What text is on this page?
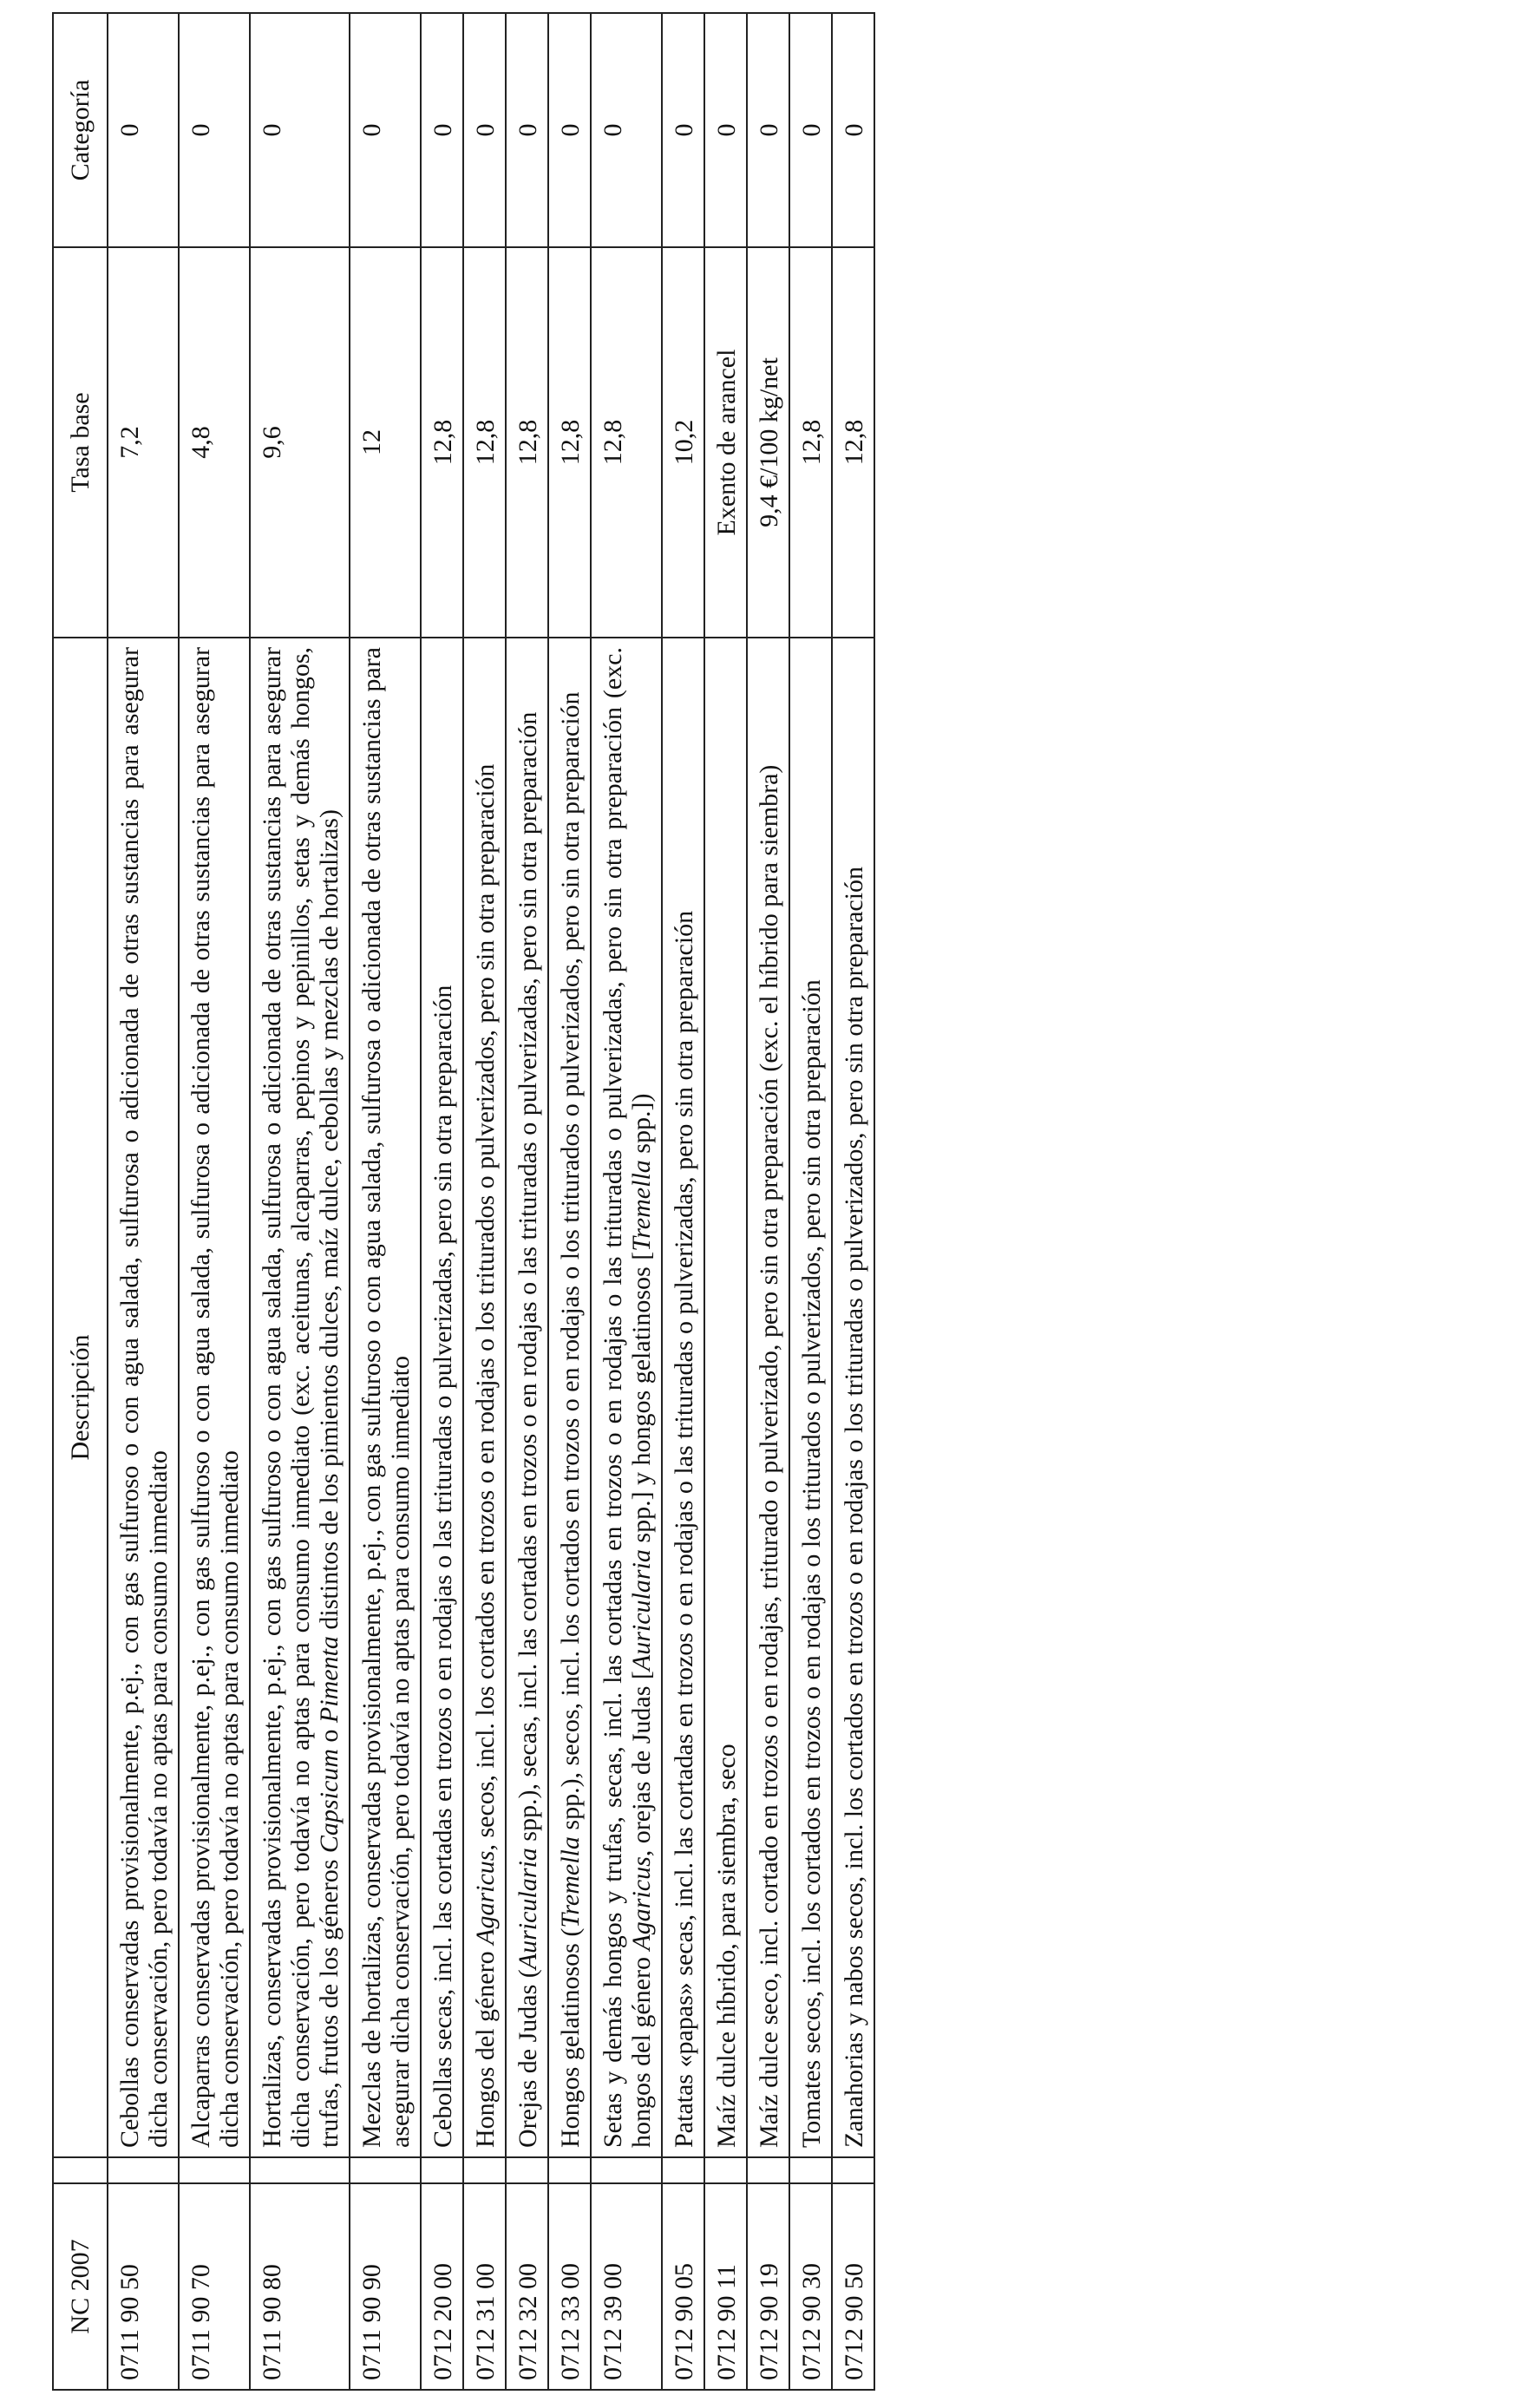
NC 2007		Descripción	Tasa base	Categoría
0711 90 50		Cebollas conservadas provisionalmente, p.ej., con gas sulfuroso o con agua salada, sulfurosa o adicionada de otras sustancias para asegurar dicha conservación, pero todavía no aptas para consumo inmediato	7,2	0
0711 90 70		Alcaparras conservadas provisionalmente, p.ej., con gas sulfuroso o con agua salada, sulfurosa o adicionada de otras sustancias para asegurar dicha conservación, pero todavía no aptas para consumo inmediato	4,8	0
0711 90 80		Hortalizas, conservadas provisionalmente, p.ej., con gas sulfuroso o con agua salada, sulfurosa o adicionada de otras sustancias para asegurar dicha conservación, pero todavía no aptas para consumo inmediato (exc. aceitunas, alcaparras, pepinos y pepinillos, setas y demás hongos, trufas, frutos de los géneros Capsicum o Pimenta distintos de los pimientos dulces, maíz dulce, cebollas y mezclas de hortalizas)	9,6	0
0711 90 90		Mezclas de hortalizas, conservadas provisionalmente, p.ej., con gas sulfuroso o con agua salada, sulfurosa o adicionada de otras sustancias para asegurar dicha conservación, pero todavía no aptas para consumo inmediato	12	0
0712 20 00		Cebollas secas, incl. las cortadas en trozos o en rodajas o las trituradas o pulverizadas, pero sin otra preparación	12,8	0
0712 31 00		Hongos del género Agaricus, secos, incl. los cortados en trozos o en rodajas o los triturados o pulverizados, pero sin otra preparación	12,8	0
0712 32 00		Orejas de Judas (Auricularia spp.), secas, incl. las cortadas en trozos o en rodajas o las trituradas o pulverizadas, pero sin otra preparación	12,8	0
0712 33 00		Hongos gelatinosos (Tremella spp.), secos, incl. los cortados en trozos o en rodajas o los triturados o pulverizados, pero sin otra preparación	12,8	0
0712 39 00		Setas y demás hongos y trufas, secas, incl. las cortadas en trozos o en rodajas o las trituradas o pulverizadas, pero sin otra preparación (exc. hongos del género Agaricus, orejas de Judas [Auricularia spp.] y hongos gelatinosos [Tremella spp.])	12,8	0
0712 90 05		Patatas «papas» secas, incl. las cortadas en trozos o en rodajas o las trituradas o pulverizadas, pero sin otra preparación	10,2	0
0712 90 11		Maíz dulce híbrido, para siembra, seco	Exento de arancel	0
0712 90 19		Maíz dulce seco, incl. cortado en trozos o en rodajas, triturado o pulverizado, pero sin otra preparación (exc. el híbrido para siembra)	9,4 €/100 kg/net	0
0712 90 30		Tomates secos, incl. los cortados en trozos o en rodajas o los triturados o pulverizados, pero sin otra preparación	12,8	0
0712 90 50		Zanahorias y nabos secos, incl. los cortados en trozos o en rodajas o los trituradas o pulverizados, pero sin otra preparación	12,8	0
